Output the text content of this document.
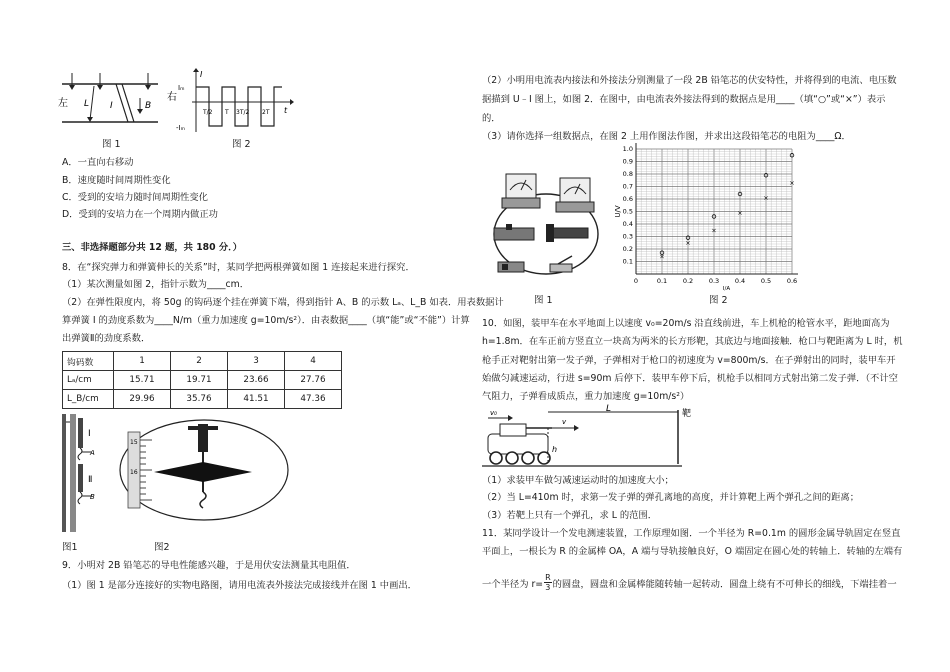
左 L I	B
右
I
t
Iₘ
-Iₘ
T/2 T 3T/2 2T
图 1	图 2
A．一直向右移动
B．速度随时间周期性变化
C．受到的安培力随时间周期性变化
D．受到的安培力在一个周期内做正功
三、非选择题部分共 12 题，共 180 分．）
8．在“探究弹力和弹簧伸长的关系”时，某同学把两根弹簧如图 1 连接起来进行探究．
（1）某次测量如图 2，指针示数为____cm．
（2）在弹性限度内，将 50g 的钩码逐个挂在弹簧下端，得到指针 A、B 的示数 Lₐ、L_B 如表．用表数据计
算弹簧 I 的劲度系数为____N/m（重力加速度 g=10m/s²）．由表数据____（填“能”或“不能”）计算
出弹簧Ⅱ的劲度系数．
钩码数	1	2	3	4
Lₐ/cm	15.71	19.71	23.66	27.76
L_B/cm	29.96	35.76	41.51	47.36
Ⅰ
A
Ⅱ
B
15
16
图1	图2
9．小明对 2B 铅笔芯的导电性能感兴趣，于是用伏安法测量其电阻值．
（1）图 1 是部分连接好的实物电路图，请用电流表外接法完成接线并在图 1 中画出．
（2）小明用电流表内接法和外接法分别测量了一段 2B 铅笔芯的伏安特性，并将得到的电流、电压数
据描到 U﹣I 图上，如图 2．在图中，由电流表外接法得到的数据点是用____（填“○”或“×”）表示
的．
（3）请你选择一组数据点，在图 2 上用作图法作图，并求出这段铅笔芯的电阻为____Ω．
图 1
0	0.1 0.2 0.3 0.4 0.5 0.6
0.1
0.2
0.3
0.4
0.5
0.6
0.7
0.8
0.9
1.0
U/V
I/A
×
×
×
×
×
×
图 2
10．如图，装甲车在水平地面上以速度 v₀=20m/s 沿直线前进，车上机枪的枪管水平，距地面高为
h=1.8m．在车正前方竖直立一块高为两米的长方形靶，其底边与地面接触．枪口与靶距离为 L 时，机
枪手正对靶射出第一发子弹，子弹相对于枪口的初速度为 v=800m/s．在子弹射出的同时，装甲车开
始做匀减速运动，行进 s=90m 后停下．装甲车停下后，机枪手以相同方式射出第二发子弹．（不计空
气阻力，子弹看成质点，重力加速度 g=10m/s²）
v₀
v
h
L	靶
（1）求装甲车做匀减速运动时的加速度大小；
（2）当 L=410m 时，求第一发子弹的弹孔离地的高度，并计算靶上两个弹孔之间的距离；
（3）若靶上只有一个弹孔，求 L 的范围．
11．某同学设计一个发电测速装置，工作原理如图．一个半径为 R=0.1m 的圆形金属导轨固定在竖直
平面上，一根长为 R 的金属棒 OA，A 端与导轨接触良好，O 端固定在圆心处的转轴上．转轴的左端有
一个半径为 $r= \frac{R}{3}$ 的圆盘，圆盘和金属棒能随转轴一起转动．圆盘上绕有不可伸长的细线，下端挂着一
